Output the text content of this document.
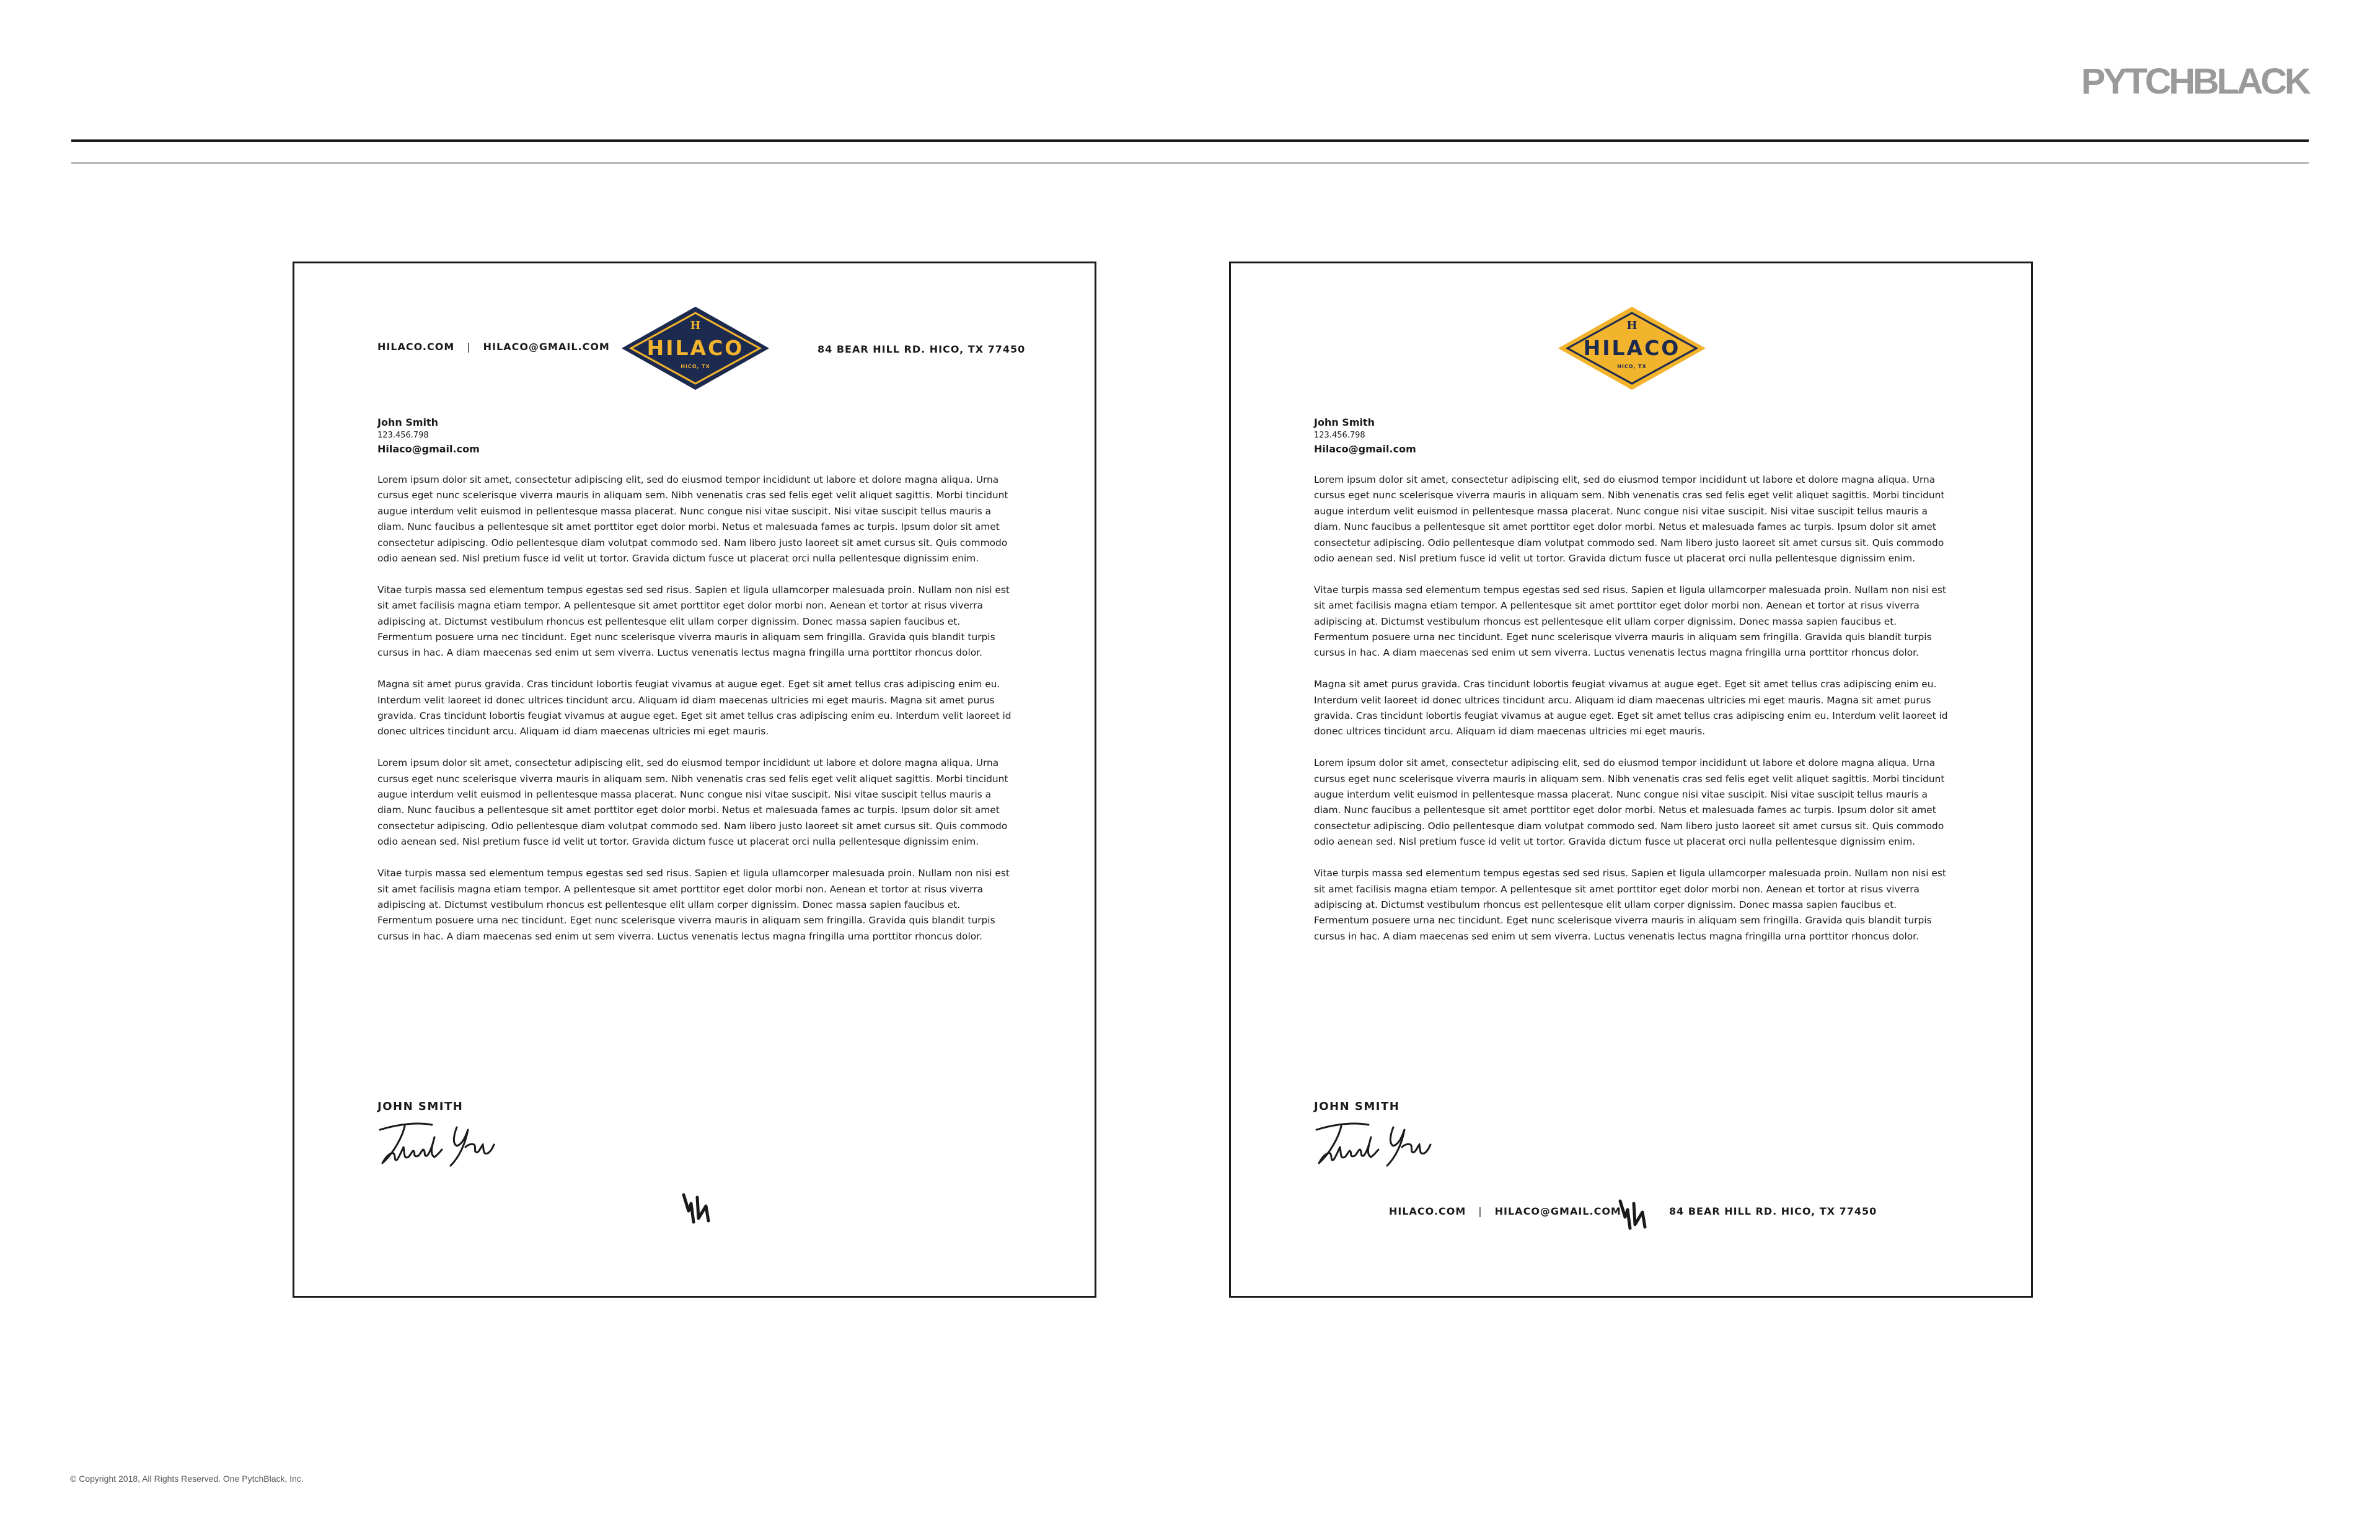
PYTCHBLACK
HILACO.COM | HILACO@GMAIL.COM
H
HILACO
HICO, TX
84 BEAR HILL RD. HICO, TX 77450
John Smith
123.456.798
Hilaco@gmail.com

Lorem ipsum dolor sit amet, consectetur adipiscing elit, sed do eiusmod tempor incididunt ut labore et dolore magna aliqua. Urna cursus eget nunc scelerisque viverra mauris in aliquam sem. Nibh venenatis cras sed felis eget velit aliquet sagittis. Morbi tincidunt augue interdum velit euismod in pellentesque massa placerat. Nunc congue nisi vitae suscipit. Nisi vitae suscipit tellus mauris a diam. Nunc faucibus a pellentesque sit amet porttitor eget dolor morbi. Netus et malesuada fames ac turpis. Ipsum dolor sit amet consectetur adipiscing. Odio pellentesque diam volutpat commodo sed. Nam libero justo laoreet sit amet cursus sit. Quis commodo odio aenean sed. Nisl pretium fusce id velit ut tortor. Gravida dictum fusce ut placerat orci nulla pellentesque dignissim enim.

Vitae turpis massa sed elementum tempus egestas sed sed risus. Sapien et ligula ullamcorper malesuada proin. Nullam non nisi est sit amet facilisis magna etiam tempor. A pellentesque sit amet porttitor eget dolor morbi non. Aenean et tortor at risus viverra adipiscing at. Dictumst vestibulum rhoncus est pellentesque elit ullam corper dignissim. Donec massa sapien faucibus et. Fermentum posuere urna nec tincidunt. Eget nunc scelerisque viverra mauris in aliquam sem fringilla. Gravida quis blandit turpis cursus in hac. A diam maecenas sed enim ut sem viverra. Luctus venenatis lectus magna fringilla urna porttitor rhoncus dolor.

Magna sit amet purus gravida. Cras tincidunt lobortis feugiat vivamus at augue eget. Eget sit amet tellus cras adipiscing enim eu. Interdum velit laoreet id donec ultrices tincidunt arcu. Aliquam id diam maecenas ultricies mi eget mauris. Magna sit amet purus gravida. Cras tincidunt lobortis feugiat vivamus at augue eget. Eget sit amet tellus cras adipiscing enim eu. Interdum velit laoreet id donec ultrices tincidunt arcu. Aliquam id diam maecenas ultricies mi eget mauris.

Lorem ipsum dolor sit amet, consectetur adipiscing elit, sed do eiusmod tempor incididunt ut labore et dolore magna aliqua. Urna cursus eget nunc scelerisque viverra mauris in aliquam sem. Nibh venenatis cras sed felis eget velit aliquet sagittis. Morbi tincidunt augue interdum velit euismod in pellentesque massa placerat. Nunc congue nisi vitae suscipit. Nisi vitae suscipit tellus mauris a diam. Nunc faucibus a pellentesque sit amet porttitor eget dolor morbi. Netus et malesuada fames ac turpis. Ipsum dolor sit amet consectetur adipiscing. Odio pellentesque diam volutpat commodo sed. Nam libero justo laoreet sit amet cursus sit. Quis commodo odio aenean sed. Nisl pretium fusce id velit ut tortor. Gravida dictum fusce ut placerat orci nulla pellentesque dignissim enim.

Vitae turpis massa sed elementum tempus egestas sed sed risus. Sapien et ligula ullamcorper malesuada proin. Nullam non nisi est sit amet facilisis magna etiam tempor. A pellentesque sit amet porttitor eget dolor morbi non. Aenean et tortor at risus viverra adipiscing at. Dictumst vestibulum rhoncus est pellentesque elit ullam corper dignissim. Donec massa sapien faucibus et. Fermentum posuere urna nec tincidunt. Eget nunc scelerisque viverra mauris in aliquam sem fringilla. Gravida quis blandit turpis cursus in hac. A diam maecenas sed enim ut sem viverra. Luctus venenatis lectus magna fringilla urna porttitor rhoncus dolor.

JOHN SMITH
H
HILACO
HICO, TX
John Smith
123.456.798
Hilaco@gmail.com

Lorem ipsum dolor sit amet, consectetur adipiscing elit, sed do eiusmod tempor incididunt ut labore et dolore magna aliqua. Urna cursus eget nunc scelerisque viverra mauris in aliquam sem. Nibh venenatis cras sed felis eget velit aliquet sagittis. Morbi tincidunt augue interdum velit euismod in pellentesque massa placerat. Nunc congue nisi vitae suscipit. Nisi vitae suscipit tellus mauris a diam. Nunc faucibus a pellentesque sit amet porttitor eget dolor morbi. Netus et malesuada fames ac turpis. Ipsum dolor sit amet consectetur adipiscing. Odio pellentesque diam volutpat commodo sed. Nam libero justo laoreet sit amet cursus sit. Quis commodo odio aenean sed. Nisl pretium fusce id velit ut tortor. Gravida dictum fusce ut placerat orci nulla pellentesque dignissim enim.

Vitae turpis massa sed elementum tempus egestas sed sed risus. Sapien et ligula ullamcorper malesuada proin. Nullam non nisi est sit amet facilisis magna etiam tempor. A pellentesque sit amet porttitor eget dolor morbi non. Aenean et tortor at risus viverra adipiscing at. Dictumst vestibulum rhoncus est pellentesque elit ullam corper dignissim. Donec massa sapien faucibus et. Fermentum posuere urna nec tincidunt. Eget nunc scelerisque viverra mauris in aliquam sem fringilla. Gravida quis blandit turpis cursus in hac. A diam maecenas sed enim ut sem viverra. Luctus venenatis lectus magna fringilla urna porttitor rhoncus dolor.

Magna sit amet purus gravida. Cras tincidunt lobortis feugiat vivamus at augue eget. Eget sit amet tellus cras adipiscing enim eu. Interdum velit laoreet id donec ultrices tincidunt arcu. Aliquam id diam maecenas ultricies mi eget mauris. Magna sit amet purus gravida. Cras tincidunt lobortis feugiat vivamus at augue eget. Eget sit amet tellus cras adipiscing enim eu. Interdum velit laoreet id donec ultrices tincidunt arcu. Aliquam id diam maecenas ultricies mi eget mauris.

Lorem ipsum dolor sit amet, consectetur adipiscing elit, sed do eiusmod tempor incididunt ut labore et dolore magna aliqua. Urna cursus eget nunc scelerisque viverra mauris in aliquam sem. Nibh venenatis cras sed felis eget velit aliquet sagittis. Morbi tincidunt augue interdum velit euismod in pellentesque massa placerat. Nunc congue nisi vitae suscipit. Nisi vitae suscipit tellus mauris a diam. Nunc faucibus a pellentesque sit amet porttitor eget dolor morbi. Netus et malesuada fames ac turpis. Ipsum dolor sit amet consectetur adipiscing. Odio pellentesque diam volutpat commodo sed. Nam libero justo laoreet sit amet cursus sit. Quis commodo odio aenean sed. Nisl pretium fusce id velit ut tortor. Gravida dictum fusce ut placerat orci nulla pellentesque dignissim enim.

Vitae turpis massa sed elementum tempus egestas sed sed risus. Sapien et ligula ullamcorper malesuada proin. Nullam non nisi est sit amet facilisis magna etiam tempor. A pellentesque sit amet porttitor eget dolor morbi non. Aenean et tortor at risus viverra adipiscing at. Dictumst vestibulum rhoncus est pellentesque elit ullam corper dignissim. Donec massa sapien faucibus et. Fermentum posuere urna nec tincidunt. Eget nunc scelerisque viverra mauris in aliquam sem fringilla. Gravida quis blandit turpis cursus in hac. A diam maecenas sed enim ut sem viverra. Luctus venenatis lectus magna fringilla urna porttitor rhoncus dolor.

JOHN SMITH
HILACO.COM | HILACO@GMAIL.COM	84 BEAR HILL RD. HICO, TX 77450
© Copyright 2018, All Rights Reserved. One PytchBlack, Inc.
